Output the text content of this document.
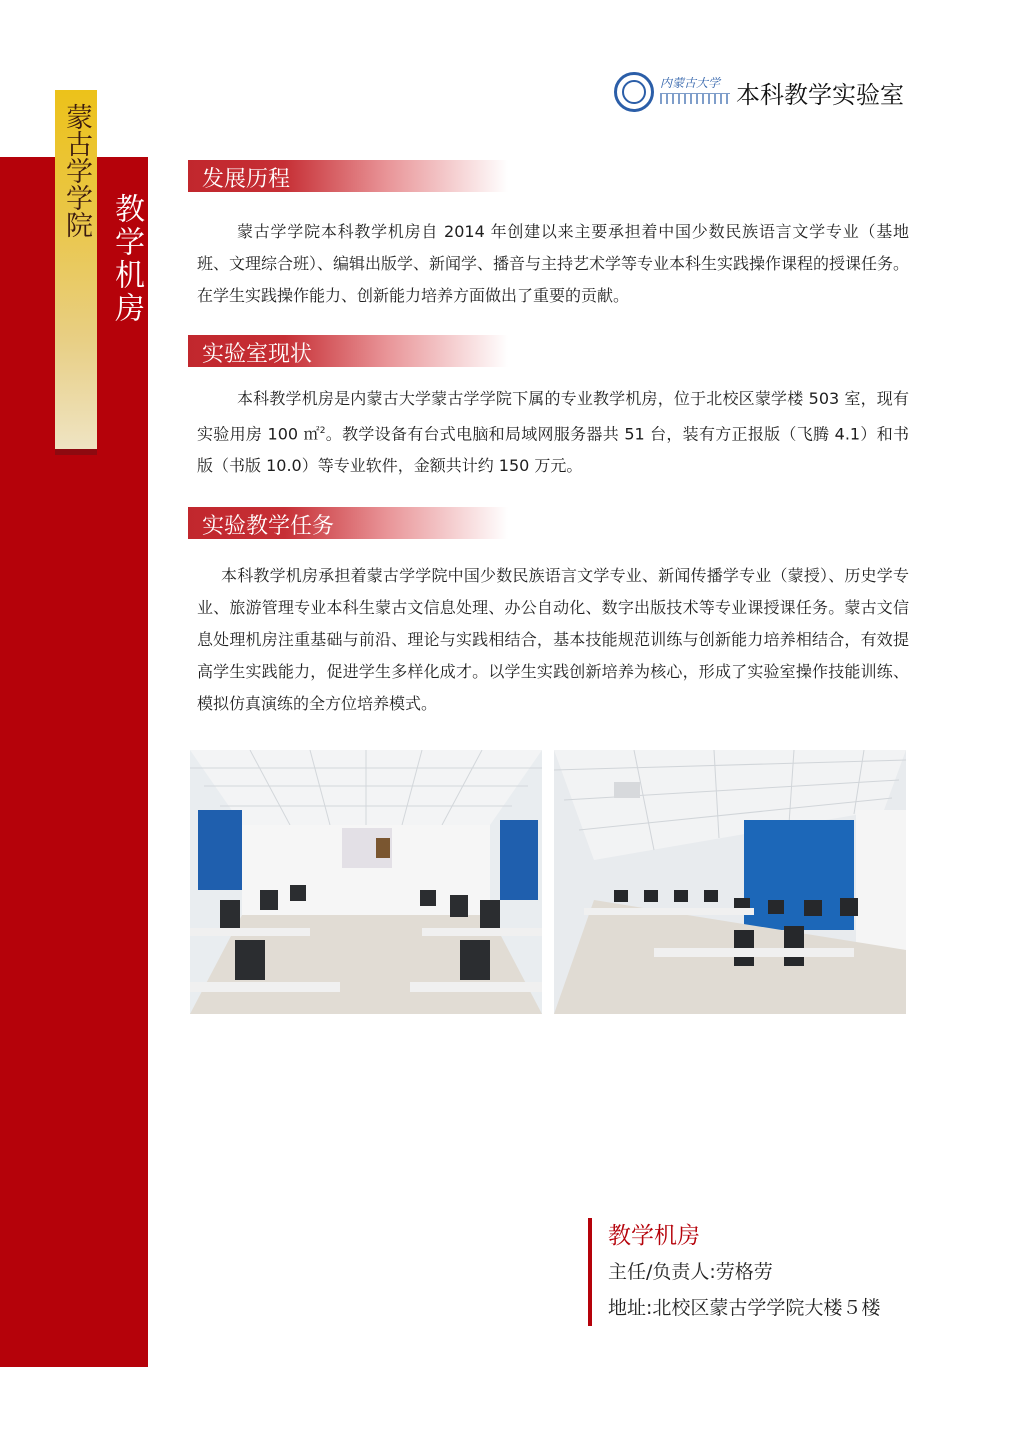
蒙古学学院
教学机房
内蒙古大学 本科教学实验室
发展历程

蒙古学学院本科教学机房自 2014 年创建以来主要承担着中国少数民族语言文学专业（基地班、文理综合班）、编辑出版学、新闻学、播音与主持艺术学等专业本科生实践操作课程的授课任务。在学生实践操作能力、创新能力培养方面做出了重要的贡献。

实验室现状

本科教学机房是内蒙古大学蒙古学学院下属的专业教学机房，位于北校区蒙学楼 503 室，现有实验用房 100 ㎡$^2$。教学设备有台式电脑和局域网服务器共 51 台，装有方正报版（飞腾 4.1）和书版（书版 10.0）等专业软件，金额共计约 150 万元。

实验教学任务

本科教学机房承担着蒙古学学院中国少数民族语言文学专业、新闻传播学专业（蒙授）、历史学专业、旅游管理专业本科生蒙古文信息处理、办公自动化、数字出版技术等专业课授课任务。蒙古文信息处理机房注重基础与前沿、理论与实践相结合，基本技能规范训练与创新能力培养相结合，有效提高学生实践能力，促进学生多样化成才。以学生实践创新培养为核心，形成了实验室操作技能训练、模拟仿真演练的全方位培养模式。

教学机房
主任/负责人:劳格劳
地址:北校区蒙古学学院大楼５楼
